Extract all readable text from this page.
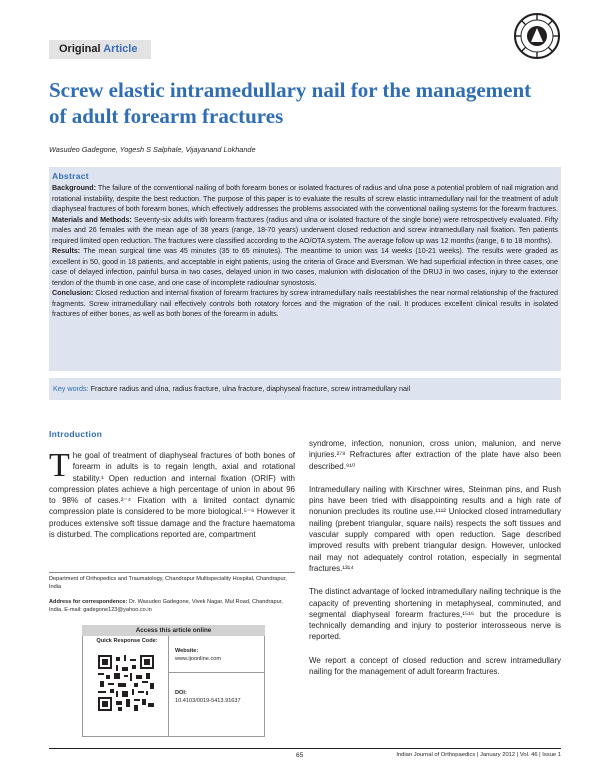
Original Article
Screw elastic intramedullary nail for the management of adult forearm fractures
Wasudeo Gadegone, Yogesh S Salphale, Vijayanand Lokhande
Abstract

Background: The failure of the conventional nailing of both forearm bones or isolated fractures of radius and ulna pose a potential problem of nail migration and rotational instability, despite the best reduction. The purpose of this paper is to evaluate the results of screw elastic intramedullary nail for the treatment of adult diaphyseal fractures of both forearm bones, which effectively addresses the problems associated with the conventional nailing systems for the forearm fractures.

Materials and Methods: Seventy-six adults with forearm fractures (radius and ulna or isolated fracture of the single bone) were retrospectively evaluated. Fifty males and 26 females with the mean age of 38 years (range, 18-70 years) underwent closed reduction and screw intramedullary nail fixation. Ten patients required limited open reduction. The fractures were classified according to the AO/OTA system. The average follow up was 12 months (range, 6 to 18 months).

Results: The mean surgical time was 45 minutes (35 to 65 minutes). The meantime to union was 14 weeks (10-21 weeks). The results were graded as excellent in 50, good in 18 patients, and acceptable in eight patients, using the criteria of Grace and Eversman. We had superficial infection in three cases, one case of delayed infection, painful bursa in two cases, delayed union in two cases, malunion with dislocation of the DRUJ in two cases, injury to the extensor tendon of the thumb in one case, and one case of incomplete radioulnar synostosis.

Conclusion: Closed reduction and internal fixation of forearm fractures by screw intramedullary nails reestablishes the near normal relationship of the fractured fragments. Screw intramedullary nail effectively controls both rotatory forces and the migration of the nail. It produces excellent clinical results in isolated fractures of either bones, as well as both bones of the forearm in adults.

Key words: Fracture radius and ulna, radius fracture, ulna fracture, diaphyseal fracture, screw intramedullary nail
Introduction

The goal of treatment of diaphyseal fractures of both bones of forearm in adults is to regain length, axial and rotational stability.¹ Open reduction and internal fixation (ORIF) with compression plates achieve a high percentage of union in about 96 to 98% of cases.²⁻⁴ Fixation with a limited contact dynamic compression plate is considered to be more biological.⁵⁻⁶ However it produces extensive soft tissue damage and the fracture haematoma is disturbed. The complications reported are, compartment

syndrome, infection, nonunion, cross union, malunion, and nerve injuries.²⁷⁸ Refractures after extraction of the plate have also been described.⁹¹⁰

Intramedullary nailing with Kirschner wires, Steinman pins, and Rush pins have been tried with disappointing results and a high rate of nonunion precludes its routine use.¹¹¹² Unlocked closed intramedullary nailing (prebent triangular, square nails) respects the soft tissues and vascular supply compared with open reduction. Sage described improved results with prebent triangular design. However, unlocked nail may not adequately control rotation, especially in segmental fractures.¹³¹⁴

The distinct advantage of locked intramedullary nailing technique is the capacity of preventing shortening in metaphyseal, comminuted, and segmental diaphyseal forearm fractures,¹⁵¹⁶ but the procedure is technically demanding and injury to posterior interosseous nerve is reported.

We report a concept of closed reduction and screw intramedullary nailing for the management of adult forearm fractures.

Department of Orthopedics and Traumatology, Chandrapur Multispeciality Hospital, Chandrapur, India
Address for correspondence: Dr. Wasudeo Gadegone, Vivek Nagar, Mul Road, Chandrapur, India. E-mail: gadegone123@yahoo.co.in
Access this article online
Quick Response Code:
Website:
www.ijoonline.com
DOI:
10.4103/0019-5413.91637
65	Indian Journal of Orthopaedics | January 2012 | Vol. 46 | Issue 1
